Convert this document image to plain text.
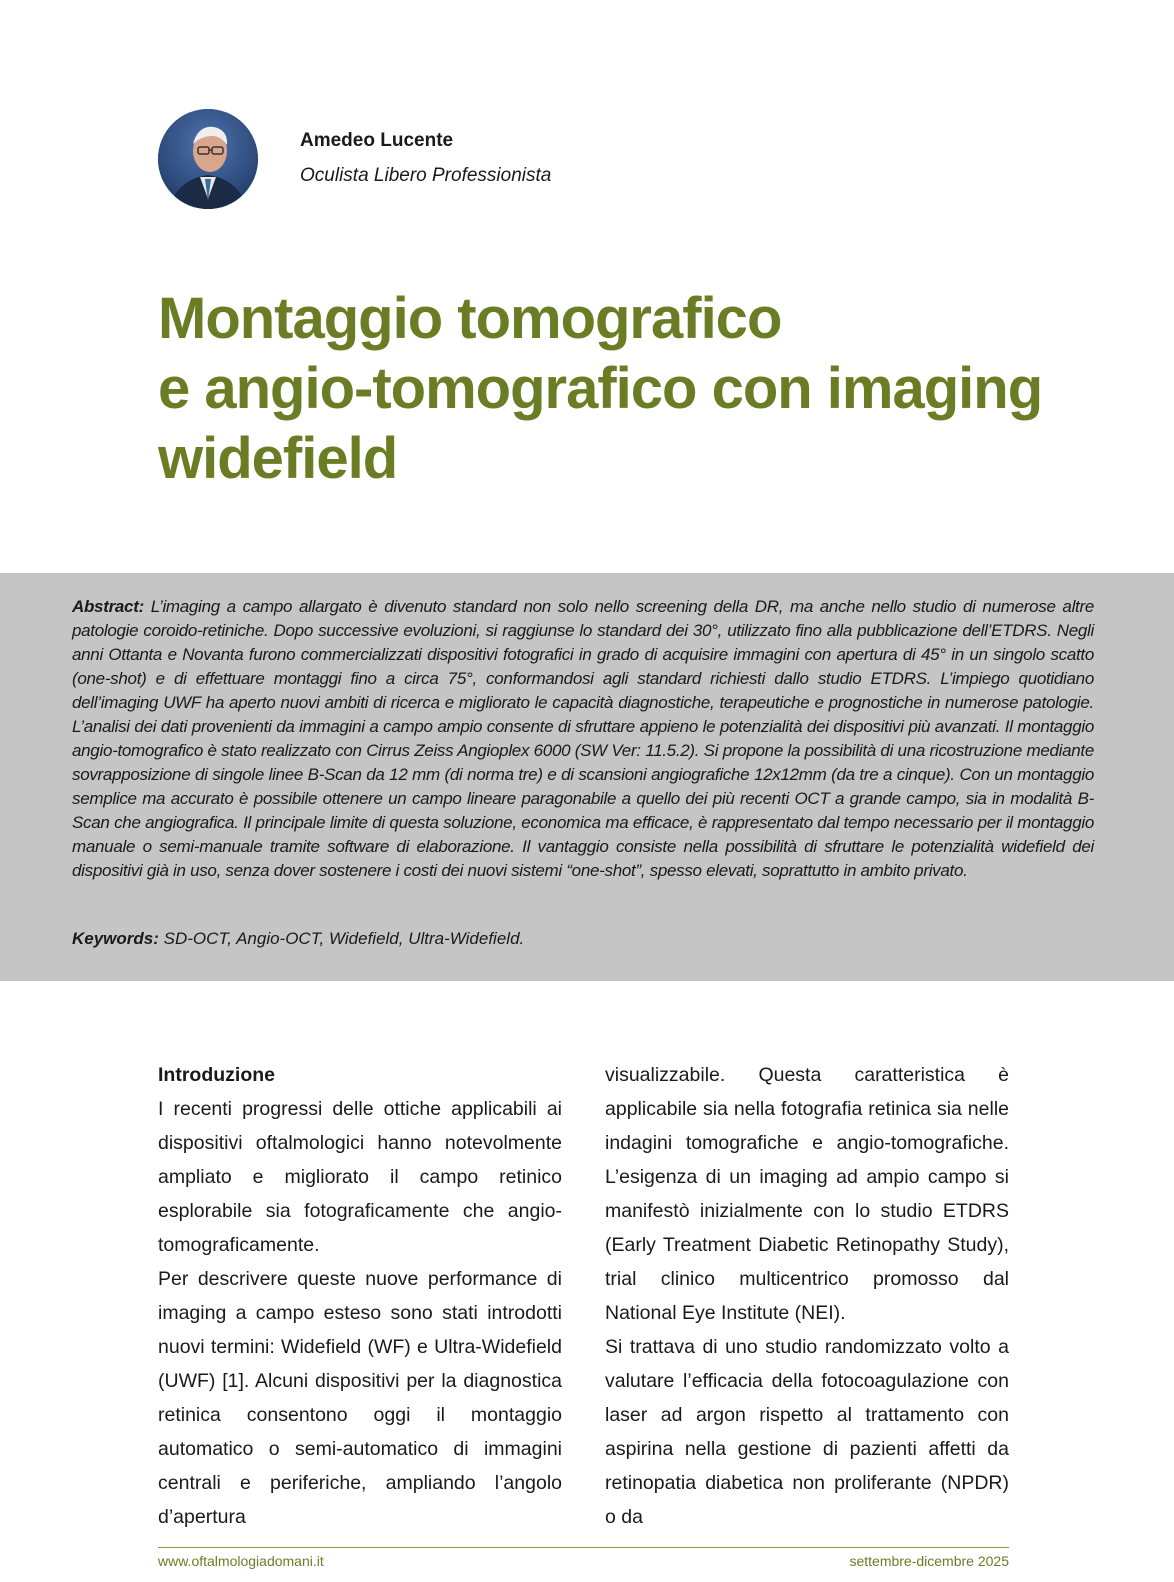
Amedeo Lucente
Oculista Libero Professionista
Montaggio tomografico
e angio-tomografico con imaging
widefield

Abstract: L’imaging a campo allargato è divenuto standard non solo nello screening della DR, ma anche nello studio di numerose altre patologie coroido-retiniche. Dopo successive evoluzioni, si raggiunse lo standard dei 30°, utilizzato fino alla pubblicazione dell’ETDRS. Negli anni Ottanta e Novanta furono commercializzati dispositivi fotografici in grado di acquisire immagini con apertura di 45° in un singolo scatto (one-shot) e di effettuare montaggi fino a circa 75°, conformandosi agli standard richiesti dallo studio ETDRS. L’impiego quotidiano dell’imaging UWF ha aperto nuovi ambiti di ricerca e migliorato le capacità diagnostiche, terapeutiche e prognostiche in numerose patologie. L’analisi dei dati provenienti da immagini a campo ampio consente di sfruttare appieno le potenzialità dei dispositivi più avanzati. Il montaggio angio-tomografico è stato realizzato con Cirrus Zeiss Angioplex 6000 (SW Ver: 11.5.2). Si propone la possibilità di una ricostruzione mediante sovrapposizione di singole linee B-Scan da 12 mm (di norma tre) e di scansioni angiografiche 12x12mm (da tre a cinque). Con un montaggio semplice ma accurato è possibile ottenere un campo lineare paragonabile a quello dei più recenti OCT a grande campo, sia in modalità B-Scan che angiografica. Il principale limite di questa soluzione, economica ma efficace, è rappresentato dal tempo necessario per il montaggio manuale o semi-manuale tramite software di elaborazione. Il vantaggio consiste nella possibilità di sfruttare le potenzialità widefield dei dispositivi già in uso, senza dover sostenere i costi dei nuovi sistemi “one-shot”, spesso elevati, soprattutto in ambito privato.

Keywords: SD-OCT, Angio-OCT, Widefield, Ultra-Widefield.

Introduzione

I recenti progressi delle ottiche applicabili ai dispositivi oftalmologici hanno notevolmente ampliato e migliorato il campo retinico esplorabile sia fotograficamente che angio-tomograficamente.

Per descrivere queste nuove performance di imaging a campo esteso sono stati introdotti nuovi termini: Widefield (WF) e Ultra-Widefield (UWF) [1]. Alcuni dispositivi per la diagnostica retinica consentono oggi il montaggio automatico o semi-automatico di immagini centrali e periferiche, ampliando l’angolo d’apertura

visualizzabile. Questa caratteristica è applicabile sia nella fotografia retinica sia nelle indagini tomografiche e angio-tomografiche. L’esigenza di un imaging ad ampio campo si manifestò inizialmente con lo studio ETDRS (Early Treatment Diabetic Retinopathy Study), trial clinico multicentrico promosso dal National Eye Institute (NEI).

Si trattava di uno studio randomizzato volto a valutare l’efficacia della fotocoagulazione con laser ad argon rispetto al trattamento con aspirina nella gestione di pazienti affetti da retinopatia diabetica non proliferante (NPDR) o da

www.oftalmologiadomani.it	settembre-dicembre 2025
